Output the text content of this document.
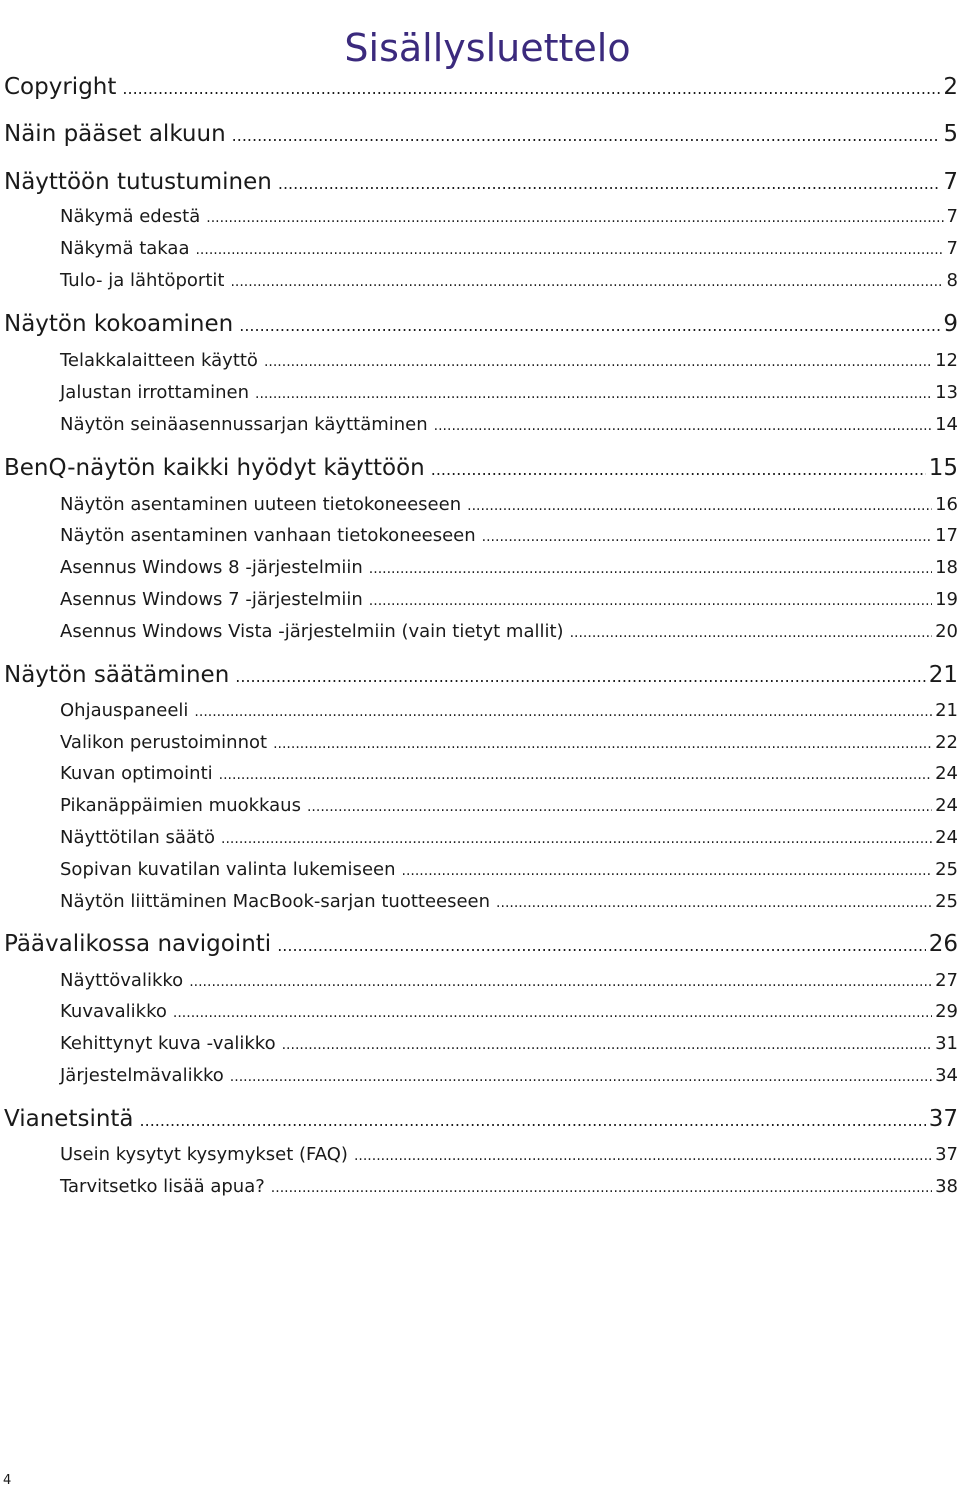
Sisällysluettelo
Copyright .....	2
Näin pääset alkuun .....	5
Näyttöön tutustuminen .....	7
Näkymä edestä .....	7
Näkymä takaa .....	7
Tulo- ja lähtöportit .....	8
Näytön kokoaminen .....	9
Telakkalaitteen käyttö .....	12
Jalustan irrottaminen .....	13
Näytön seinäasennussarjan käyttäminen .....	14
BenQ-näytön kaikki hyödyt käyttöön .....	15
Näytön asentaminen uuteen tietokoneeseen .....	16
Näytön asentaminen vanhaan tietokoneeseen .....	17
Asennus Windows 8 -järjestelmiin .....	18
Asennus Windows 7 -järjestelmiin .....	19
Asennus Windows Vista -järjestelmiin (vain tietyt mallit) .....	20
Näytön säätäminen .....	21
Ohjauspaneeli .....	21
Valikon perustoiminnot .....	22
Kuvan optimointi .....	24
Pikanäppäimien muokkaus .....	24
Näyttötilan säätö .....	24
Sopivan kuvatilan valinta lukemiseen .....	25
Näytön liittäminen MacBook-sarjan tuotteeseen .....	25
Päävalikossa navigointi .....	26
Näyttövalikko .....	27
Kuvavalikko .....	29
Kehittynyt kuva -valikko .....	31
Järjestelmävalikko .....	34
Vianetsintä .....	37
Usein kysytyt kysymykset (FAQ) .....	37
Tarvitsetko lisää apua? .....	38
4
